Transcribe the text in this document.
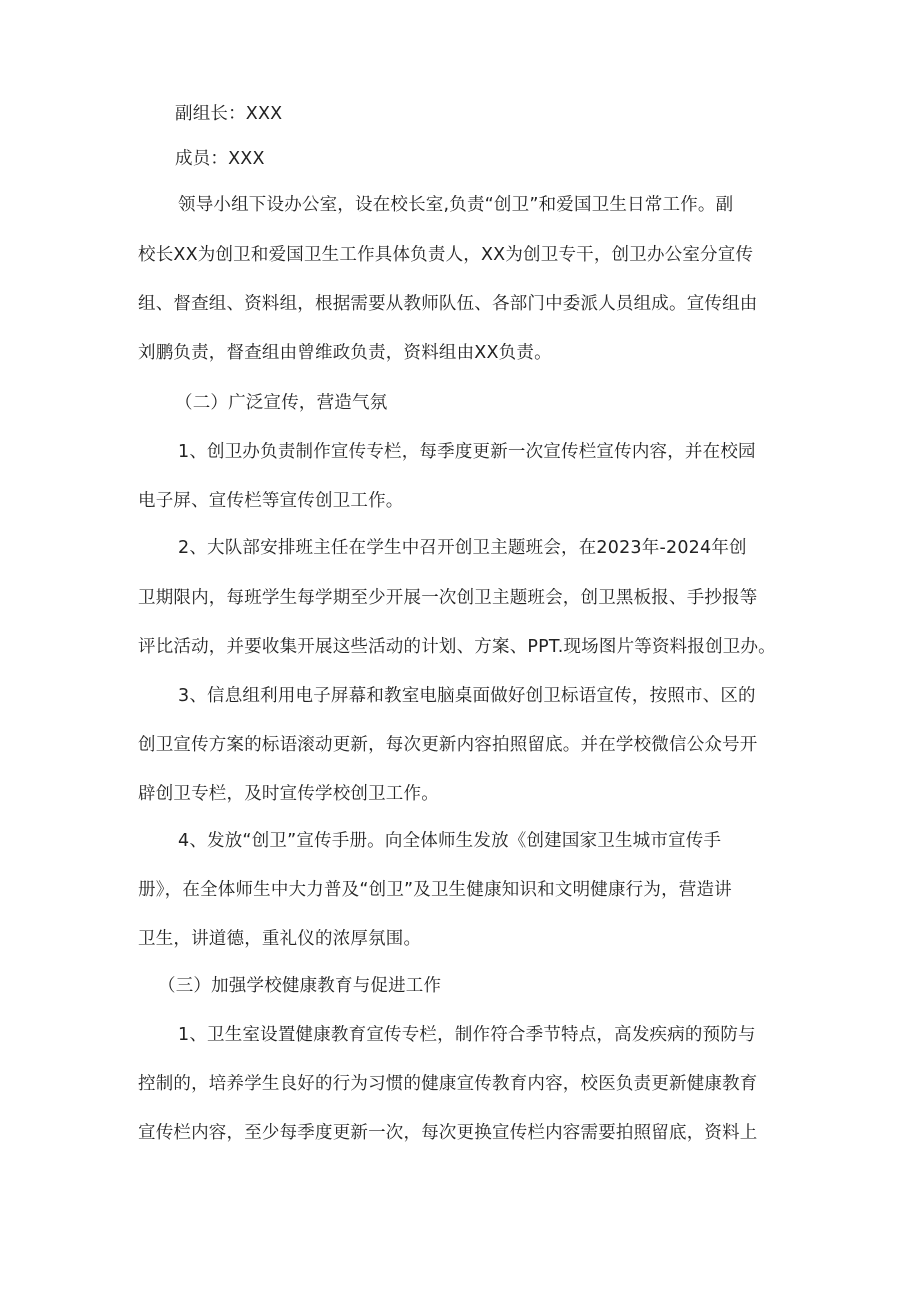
副组长：XXX
成员：XXX
领导小组下设办公室，设在校长室,负责“创卫”和爱国卫生日常工作。副
校长XX为创卫和爱国卫生工作具体负责人，XX为创卫专干，创卫办公室分宣传
组、督查组、资料组，根据需要从教师队伍、各部门中委派人员组成。宣传组由
刘鹏负责，督查组由曾维政负责，资料组由XX负责。
（二）广泛宣传，营造气氛
1、创卫办负责制作宣传专栏，每季度更新一次宣传栏宣传内容，并在校园
电子屏、宣传栏等宣传创卫工作。
2、大队部安排班主任在学生中召开创卫主题班会，在2023年-2024年创
卫期限内，每班学生每学期至少开展一次创卫主题班会，创卫黑板报、手抄报等
评比活动，并要收集开展这些活动的计划、方案、PPT.现场图片等资料报创卫办。
3、信息组利用电子屏幕和教室电脑桌面做好创卫标语宣传，按照市、区的
创卫宣传方案的标语滚动更新，每次更新内容拍照留底。并在学校微信公众号开
辟创卫专栏，及时宣传学校创卫工作。
4、发放“创卫”宣传手册。向全体师生发放《创建国家卫生城市宣传手
册》，在全体师生中大力普及“创卫”及卫生健康知识和文明健康行为，营造讲
卫生，讲道德，重礼仪的浓厚氛围。
（三）加强学校健康教育与促进工作
1、卫生室设置健康教育宣传专栏，制作符合季节特点，高发疾病的预防与
控制的，培养学生良好的行为习惯的健康宣传教育内容，校医负责更新健康教育
宣传栏内容，至少每季度更新一次，每次更换宣传栏内容需要拍照留底，资料上
